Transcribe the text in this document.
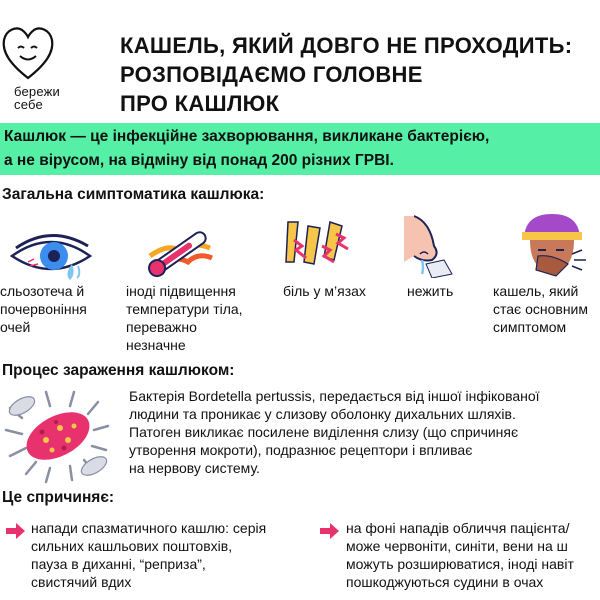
бережи
себе
КАШЕЛЬ, ЯКИЙ ДОВГО НЕ ПРОХОДИТЬ:
РОЗПОВІДАЄМО ГОЛОВНЕ
ПРО КАШЛЮК
Кашлюк — це інфекційне захворювання, викликане бактерією,
а не вірусом, на відміну від понад 200 різних ГРВІ.
Загальна симптоматика кашлюка:
сльозотеча й
почервоніння
очей
іноді підвищення
температури тіла,
переважно
незначне
біль у м’язах	нежить	кашель, який
стає основним
симптомом
Процес зараження кашлюком:
Бактерія Bordetella pertussis, передається від іншої інфікованої
людини та проникає у слизову оболонку дихальних шляхів.
Патоген викликає посилене виділення слизу (що спричиняє
утворення мокроти), подразнює рецептори і впливає
на нервову систему.
Це спричиняє:
напади спазматичного кашлю: серія
сильних кашльових поштовхів,
пауза в диханні, “реприза”,
свистячий вдих
на фоні нападів обличчя пацієнта/
може червоніти, синіти, вени на ш
можуть розширюватися, іноді навіт
пошкоджуються судини в очах
